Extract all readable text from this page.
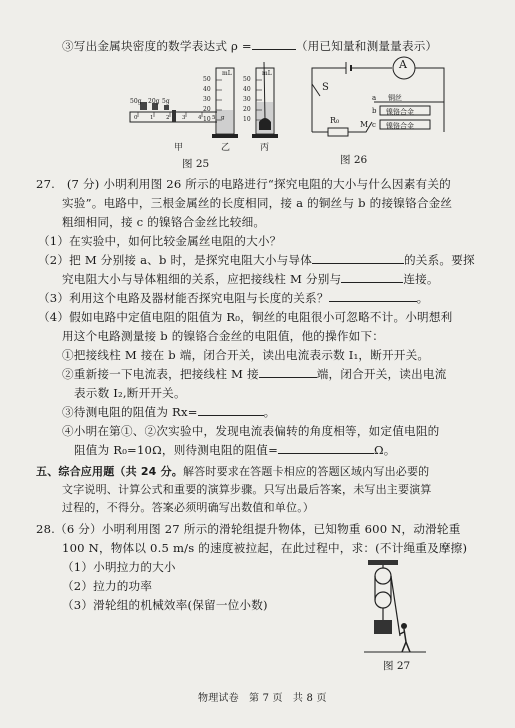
③写出金属块密度的数学表达式 ρ =	（用已知量和测量量表示）
50g 20g 5g
0 1 2 3 4 5 g
mL	mL
50
40
30
20
10
50
40
30
20
10
甲	乙	丙
图 25
A
S
R₀	M
a
b
c
铜丝
镍铬合金
镍铬合金
图 26
27.　(7 分) 小明利用图 26 所示的电路进行“探究电阻的大小与什么因素有关的
实验”。电路中，三根金属丝的长度相同，接 a 的铜丝与 b 的接镍铬合金丝
粗细相同，接 c 的镍铬合金丝比较细。
（1）在实验中，如何比较金属丝电阻的大小？
（2）把 M 分别接 a、b 时，是探究电阻大小与导体	的关系。要探
究电阻大小与导体粗细的关系，应把接线柱 M 分别与	连接。
（3）利用这个电路及器材能否探究电阻与长度的关系？	。
（4）假如电路中定值电阻的阻值为 R₀，铜丝的电阻很小可忽略不计。小明想利
用这个电路测量接 b 的镍铬合金丝的电阻值，他的操作如下：
①把接线柱 M 接在 b 端，闭合开关，读出电流表示数 I₁，断开开关。
②重新接一下电流表，把接线柱 M 接	端，闭合开关，读出电流
表示数 I₂,断开开关。
③待测电阻的阻值为 Rx=	。
④小明在第①、②次实验中，发现电流表偏转的角度相等，如定值电阻的
阻值为 R₀=10Ω，则待测电阻的阻值=	Ω。
五、综合应用题（共 24 分。解答时要求在答题卡相应的答题区域内写出必要的
文字说明、计算公式和重要的演算步骤。只写出最后答案，未写出主要演算
过程的，不得分。答案必须明确写出数值和单位。）
28.（6 分）小明利用图 27 所示的滑轮组提升物体，已知物重 600 N，动滑轮重
100 N，物体以 0.5 m/s 的速度被拉起，在此过程中，求：(不计绳重及摩擦)
（1）小明拉力的大小
（2）拉力的功率
（3）滑轮组的机械效率(保留一位小数)
图 27
物理试卷　第 7 页　共 8 页
